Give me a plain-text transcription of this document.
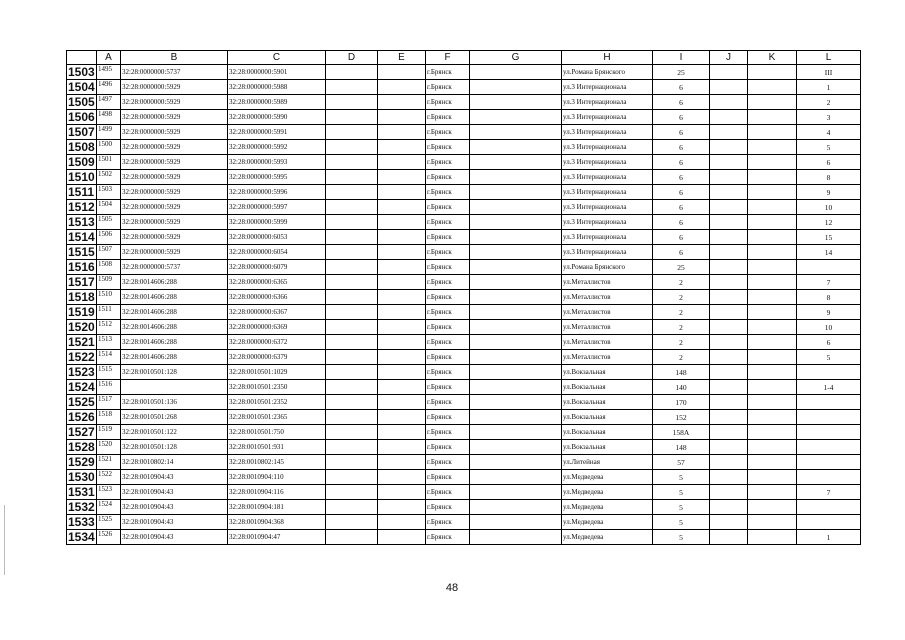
	A	B	C	D	E	F	G	H	I	J	K	L
1503	1495	32:28:0000000:5737	32:28:0000000:5901			г.Брянск		ул.Романа Брянского	25			III
1504	1496	32:28:0000000:5929	32:28:0000000:5988			г.Брянск		ул.3 Интернационала	6			1
1505	1497	32:28:0000000:5929	32:28:0000000:5989			г.Брянск		ул.3 Интернационала	6			2
1506	1498	32:28:0000000:5929	32:28:0000000:5990			г.Брянск		ул.3 Интернационала	6			3
1507	1499	32:28:0000000:5929	32:28:0000000:5991			г.Брянск		ул.3 Интернационала	6			4
1508	1500	32:28:0000000:5929	32:28:0000000:5992			г.Брянск		ул.3 Интернационала	6			5
1509	1501	32:28:0000000:5929	32:28:0000000:5993			г.Брянск		ул.3 Интернационала	6			6
1510	1502	32:28:0000000:5929	32:28:0000000:5995			г.Брянск		ул.3 Интернационала	6			8
1511	1503	32:28:0000000:5929	32:28:0000000:5996			г.Брянск		ул.3 Интернационала	6			9
1512	1504	32:28:0000000:5929	32:28:0000000:5997			г.Брянск		ул.3 Интернационала	6			10
1513	1505	32:28:0000000:5929	32:28:0000000:5999			г.Брянск		ул.3 Интернационала	6			12
1514	1506	32:28:0000000:5929	32:28:0000000:6053			г.Брянск		ул.3 Интернационала	6			15
1515	1507	32:28:0000000:5929	32:28:0000000:6054			г.Брянск		ул.3 Интернационала	6			14
1516	1508	32:28:0000000:5737	32:28:0000000:6079			г.Брянск		ул.Романа Брянского	25			
1517	1509	32:28:0014606:288	32:28:0000000:6365			г.Брянск		ул.Металлистов	2			7
1518	1510	32:28:0014606:288	32:28:0000000:6366			г.Брянск		ул.Металлистов	2			8
1519	1511	32:28:0014606:288	32:28:0000000:6367			г.Брянск		ул.Металлистов	2			9
1520	1512	32:28:0014606:288	32:28:0000000:6369			г.Брянск		ул.Металлистов	2			10
1521	1513	32:28:0014606:288	32:28:0000000:6372			г.Брянск		ул.Металлистов	2			6
1522	1514	32:28:0014606:288	32:28:0000000:6379			г.Брянск		ул.Металлистов	2			5
1523	1515	32:28:0010501:128	32:28:0010501:1029			г.Брянск		ул.Вокзальная	148			
1524	1516		32:28:0010501:2350			г.Брянск		ул.Вокзальная	140			1-4
1525	1517	32:28:0010501:136	32:28:0010501:2352			г.Брянск		ул.Вокзальная	170			
1526	1518	32:28:0010501:268	32:28:0010501:2365			г.Брянск		ул.Вокзальная	152			
1527	1519	32:28:0010501:122	32:28:0010501:750			г.Брянск		ул.Вокзальная	158А			
1528	1520	32:28:0010501:128	32:28:0010501:931			г.Брянск		ул.Вокзальная	148			
1529	1521	32:28:0010802:14	32:28:0010802:145			г.Брянск		ул.Литейная	57			
1530	1522	32:28:0010904:43	32:28:0010904:110			г.Брянск		ул.Медведева	5			
1531	1523	32:28:0010904:43	32:28:0010904:116			г.Брянск		ул.Медведева	5			7
1532	1524	32:28:0010904:43	32:28:0010904:181			г.Брянск		ул.Медведева	5			
1533	1525	32:28:0010904:43	32:28:0010904:368			г.Брянск		ул.Медведева	5			
1534	1526	32:28:0010904:43	32:28:0010904:47			г.Брянск		ул.Медведева	5			1
48
